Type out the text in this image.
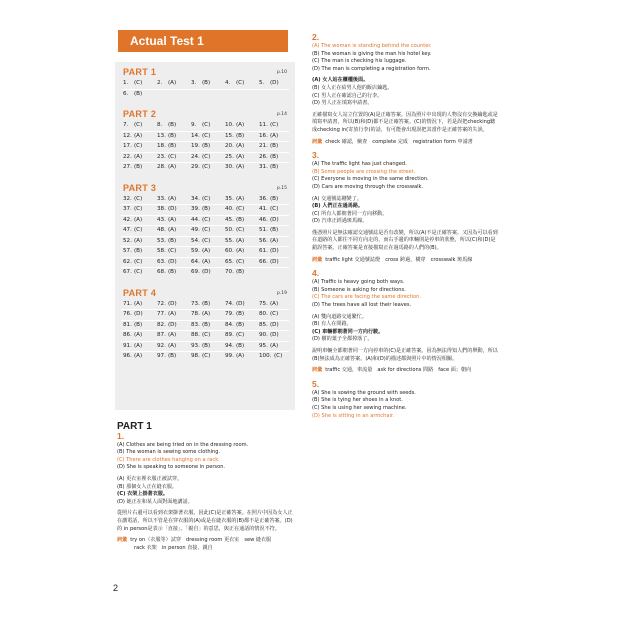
Actual Test 1
PART 1	p.10
1. (C)	2. (A)	3. (B)	4. (C)	5. (D)
6. (B)
PART 2	p.14
7. (C)	8. (B)	9. (C)	10. (A)	11. (C)
12. (A)	13. (B)	14. (C)	15. (B)	16. (A)
17. (C)	18. (B)	19. (B)	20. (A)	21. (B)
22. (A)	23. (C)	24. (C)	25. (A)	26. (B)
27. (B)	28. (A)	29. (C)	30. (A)	31. (B)
PART 3	p.15
32. (C)	33. (A)	34. (C)	35. (A)	36. (B)
37. (C)	38. (D)	39. (B)	40. (C)	41. (C)
42. (A)	43. (A)	44. (C)	45. (B)	46. (D)
47. (C)	48. (A)	49. (C)	50. (C)	51. (B)
52. (A)	53. (B)	54. (C)	55. (A)	56. (A)
57. (B)	58. (C)	59. (A)	60. (A)	61. (D)
62. (C)	63. (D)	64. (A)	65. (C)	66. (D)
67. (C)	68. (B)	69. (D)	70. (B)
PART 4	p.19
71. (A)	72. (D)	73. (B)	74. (D)	75. (A)
76. (D)	77. (A)	78. (A)	79. (B)	80. (C)
81. (B)	82. (D)	83. (B)	84. (B)	85. (D)
86. (A)	87. (A)	88. (C)	89. (C)	90. (D)
91. (A)	92. (A)	93. (B)	94. (B)	95. (A)
96. (A)	97. (B)	98. (C)	99. (A)	100. (C)
PART 1
1.

(A) Clothes are being tried on in the dressing room.

(B) The woman is sewing some clothing.

(C) There are clothes hanging on a rack.

(D) She is speaking to someone in person.

(A) 更衣室裡衣服正被試穿。

(B) 那個女人正在縫衣服。

(C) 衣架上掛著衣服。

(D) 她正在和某人面對面地講話。

從照片右邊可以看到衣架掛著衣服，因此(C)是正確答案。在照片中因為女人正在講電話，所以不管是在穿衣服的(A)或是在縫衣服的(B)都不是正確答案。(D)的 in person是表示「直接」、「親自」的意思，與正在通話的情況不符。

詞彙 try on（衣服等）試穿　dressing room 更衣室　sew 縫衣服

rack 衣架　in person 直接，親自

2.

(A) The woman is standing behind the counter.

(B) The woman is giving the man his hotel key.

(C) The man is checking his luggage.

(D) The man is completing a registration form.

(A) 女人站在櫃檯後面。

(B) 女人正在給男人他的飯店鑰匙。

(C) 男人正在確認自己的行李。

(D) 男人正在填寫申請書。

正確描寫女人站立位置的(A)是正確答案。因為照片中出現的人物沒有交換鑰匙或是填寫申請書，所以(B)和(D)都不是正確答案。(C)的情況下，若是誤把checking聽成checking in(寄放行李)的話，有可能會出現誤把其當作是正確答案的失誤。

詞彙 check 確認，檢查　complete 完成　registration form 申請書

3.

(A) The traffic light has just changed.

(B) Some people are crossing the street.

(C) Everyone is moving in the same direction.

(D) Cars are moving through the crosswalk.

(A) 交通號誌剛變了。

(B) 人們正在過馬路。

(C) 所有人都朝著同一方向移動。

(D) 汽車正經過斑馬線。

僅憑照片是無法確認交通號誌是否有改變，所以(A)不是正確答案。又因為可以看到在道路的人都往不同方向走的，而右手邊的車輛則是停車的狀態，所以(C)和(D)是錯誤答案。正確答案是直接描寫正在過馬路的人們的(B)。

詞彙 traffic light 交通號誌燈　cross 跨過，橫穿　crosswalk 斑馬線

4.

(A) Traffic is heavy going both ways.

(B) Someone is asking for directions.

(C) The cars are facing the same direction.

(D) The trees have all lost their leaves.

(A) 雙向道路交通繁忙。

(B) 有人在問路。

(C) 車輛都朝著同一方向行駛。

(D) 樹的葉子全都掉落了。

說明車輛全都朝著同一方向停車的(C)是正確答案。因為無法得知人們的舉動，所以(B)無法成為正確答案。(A)和(D)的描述都與照片中的情況相關。

詞彙 traffic 交通，車流量　ask for directions 問路　face 面；朝向

5.

(A) She is sowing the ground with seeds.

(B) She is tying her shoes in a knot.

(C) She is using her sewing machine.

(D) She is sitting in an armchair.

2
